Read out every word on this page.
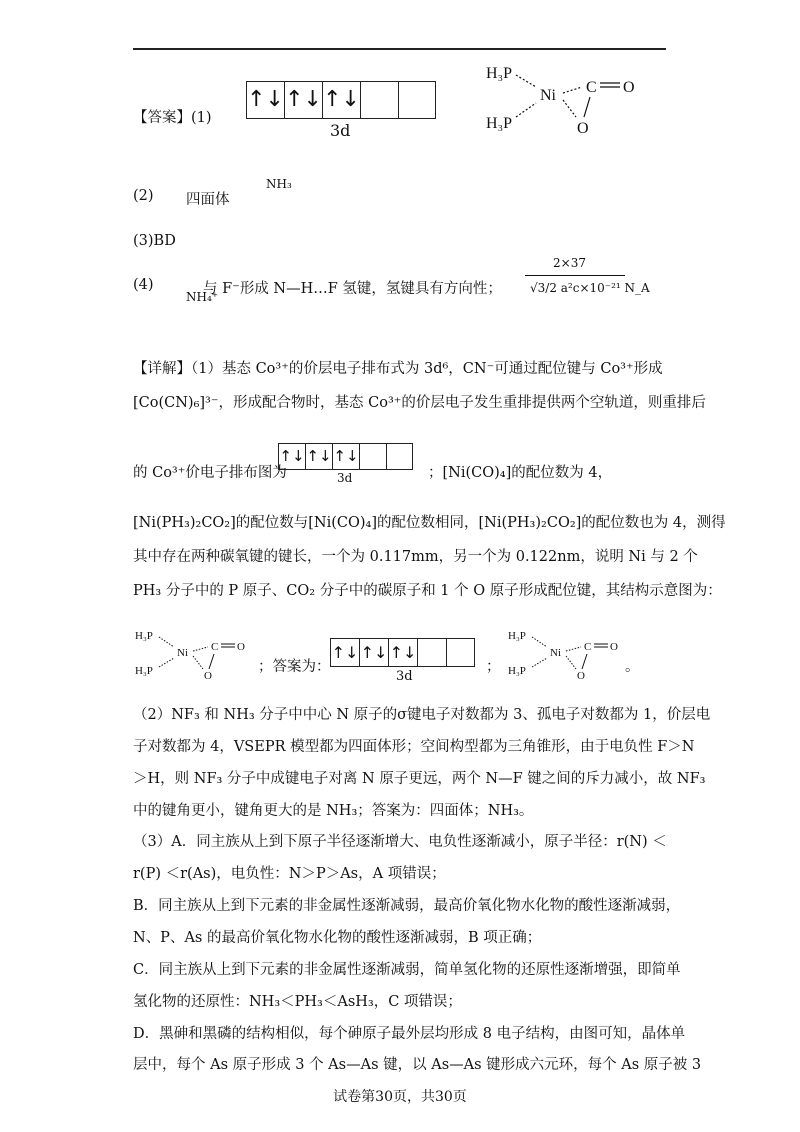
【答案】(1)
↑↓ ↑↓ ↑↓
3d
H₃P
H₃P
Ni C O
O
(2) 四面体
NH₃
(3)BD
(4)
NH₄⁺
与 F⁻形成 N—H…F 氢键，氢键具有方向性；
2×37
√3/2 a²c×10⁻²¹ N_A
【详解】（1）基态 Co³⁺的价层电子排布式为 3d⁶，CN⁻可通过配位键与 Co³⁺形成
[Co(CN)₆]³⁻，形成配合物时，基态 Co³⁺的价层电子发生重排提供两个空轨道，则重排后
的 Co³⁺价电子排布图为
↑↓ ↑↓ ↑↓
3d	；[Ni(CO)₄]的配位数为 4，
[Ni(PH₃)₂CO₂]的配位数与[Ni(CO)₄]的配位数相同，[Ni(PH₃)₂CO₂]的配位数也为 4，测得
其中存在两种碳氧键的键长，一个为 0.117mm，另一个为 0.122nm，说明 Ni 与 2 个
PH₃ 分子中的 P 原子、CO₂ 分子中的碳原子和 1 个 O 原子形成配位键，其结构示意图为：
H₃P
H₃P
Ni C O
O
；答案为：
↑↓ ↑↓ ↑↓
3d
；
H₃P
H₃P
Ni C O
O
。
（2）NF₃ 和 NH₃ 分子中中心 N 原子的σ键电子对数都为 3、孤电子对数都为 1，价层电
子对数都为 4，VSEPR 模型都为四面体形；空间构型都为三角锥形，由于电负性 F＞N
＞H，则 NF₃ 分子中成键电子对离 N 原子更远，两个 N—F 键之间的斥力减小，故 NF₃
中的键角更小，键角更大的是 NH₃；答案为：四面体；NH₃。
（3）A．同主族从上到下原子半径逐渐增大、电负性逐渐减小，原子半径：r(N) ＜
r(P) ＜r(As)，电负性：N＞P＞As，A 项错误；
B．同主族从上到下元素的非金属性逐渐减弱，最高价氧化物水化物的酸性逐渐减弱，
N、P、As 的最高价氧化物水化物的酸性逐渐减弱，B 项正确；
C．同主族从上到下元素的非金属性逐渐减弱，简单氢化物的还原性逐渐增强，即简单
氢化物的还原性：NH₃＜PH₃＜AsH₃，C 项错误；
D．黑砷和黑磷的结构相似，每个砷原子最外层均形成 8 电子结构，由图可知，晶体单
层中，每个 As 原子形成 3 个 As—As 键，以 As—As 键形成六元环，每个 As 原子被 3
试卷第30页，共30页
